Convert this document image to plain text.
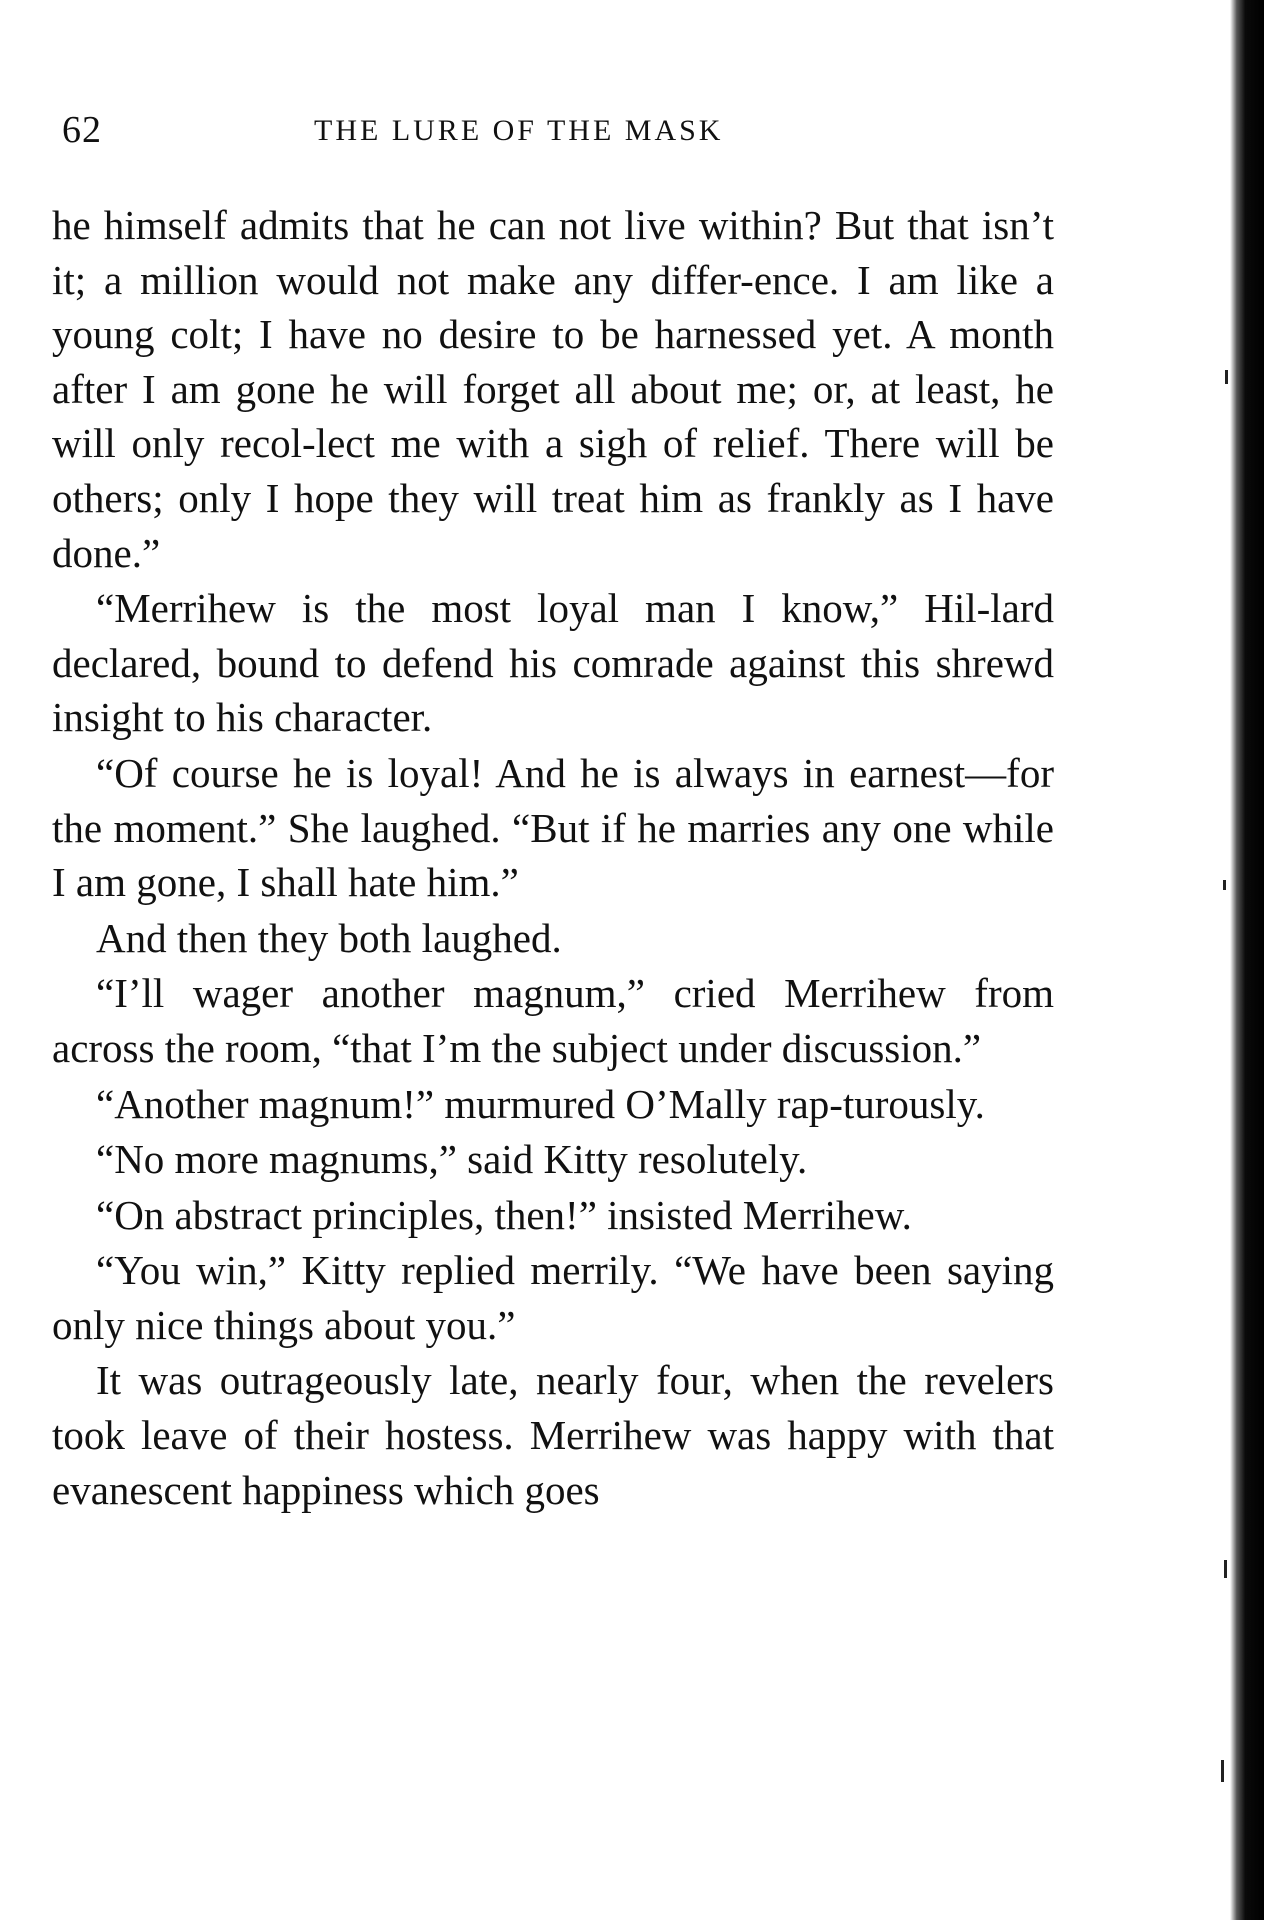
62	THE LURE OF THE MASK

he himself admits that he can not live within? But that isn’t it; a million would not make any differ-ence. I am like a young colt; I have no desire to be harnessed yet. A month after I am gone he will forget all about me; or, at least, he will only recol-lect me with a sigh of relief. There will be others; only I hope they will treat him as frankly as I have done.”

“Merrihew is the most loyal man I know,” Hil-lard declared, bound to defend his comrade against this shrewd insight to his character.

“Of course he is loyal! And he is always in earnest—for the moment.” She laughed. “But if he marries any one while I am gone, I shall hate him.”

And then they both laughed.

“I’ll wager another magnum,” cried Merrihew from across the room, “that I’m the subject under discussion.”

“Another magnum!” murmured O’Mally rap-turously.

“No more magnums,” said Kitty resolutely.

“On abstract principles, then!” insisted Merrihew.

“You win,” Kitty replied merrily. “We have been saying only nice things about you.”

It was outrageously late, nearly four, when the revelers took leave of their hostess. Merrihew was happy with that evanescent happiness which goes
